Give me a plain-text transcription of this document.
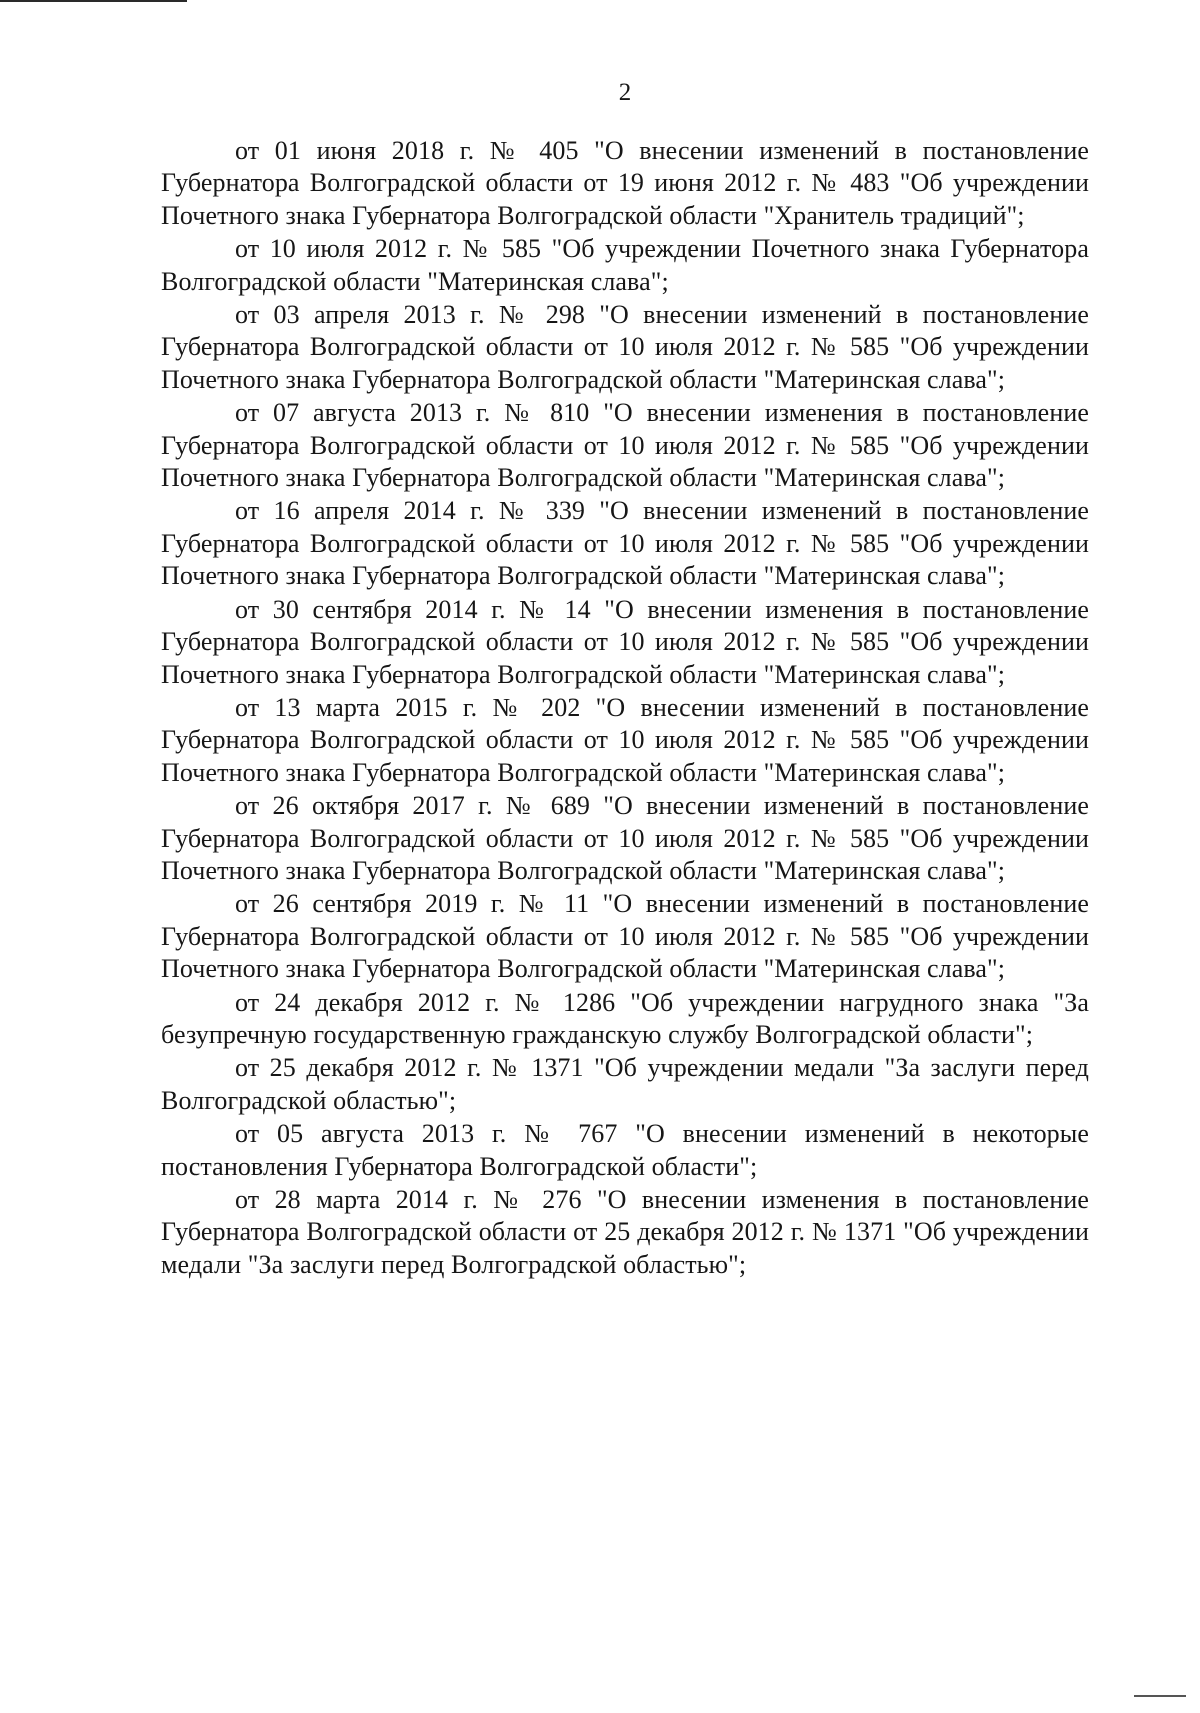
2

от 01 июня 2018 г. № 405 "О внесении изменений в постановление Губернатора Волгоградской области от 19 июня 2012 г. № 483 "Об учреждении Почетного знака Губернатора Волгоградской области "Хранитель традиций";

от 10 июля 2012 г. № 585 "Об учреждении Почетного знака Губернатора Волгоградской области "Материнская слава";

от 03 апреля 2013 г. № 298 "О внесении изменений в постановление Губернатора Волгоградской области от 10 июля 2012 г. № 585 "Об учреждении Почетного знака Губернатора Волгоградской области "Материнская слава";

от 07 августа 2013 г. № 810 "О внесении изменения в постановление Губернатора Волгоградской области от 10 июля 2012 г. № 585 "Об учреждении Почетного знака Губернатора Волгоградской области "Материнская слава";

от 16 апреля 2014 г. № 339 "О внесении изменений в постановление Губернатора Волгоградской области от 10 июля 2012 г. № 585 "Об учреждении Почетного знака Губернатора Волгоградской области "Материнская слава";

от 30 сентября 2014 г. № 14 "О внесении изменения в постановление Губернатора Волгоградской области от 10 июля 2012 г. № 585 "Об учреждении Почетного знака Губернатора Волгоградской области "Материнская слава";

от 13 марта 2015 г. № 202 "О внесении изменений в постановление Губернатора Волгоградской области от 10 июля 2012 г. № 585 "Об учреждении Почетного знака Губернатора Волгоградской области "Материнская слава";

от 26 октября 2017 г. № 689 "О внесении изменений в постановление Губернатора Волгоградской области от 10 июля 2012 г. № 585 "Об учреждении Почетного знака Губернатора Волгоградской области "Материнская слава";

от 26 сентября 2019 г. № 11 "О внесении изменений в постановление Губернатора Волгоградской области от 10 июля 2012 г. № 585 "Об учреждении Почетного знака Губернатора Волгоградской области "Материнская слава";

от 24 декабря 2012 г. № 1286 "Об учреждении нагрудного знака "За безупречную государственную гражданскую службу Волгоградской области";

от 25 декабря 2012 г. № 1371 "Об учреждении медали "За заслуги перед Волгоградской областью";

от 05 августа 2013 г. № 767 "О внесении изменений в некоторые постановления Губернатора Волгоградской области";

от 28 марта 2014 г. № 276 "О внесении изменения в постановление Губернатора Волгоградской области от 25 декабря 2012 г. № 1371 "Об учреждении медали "За заслуги перед Волгоградской областью";
